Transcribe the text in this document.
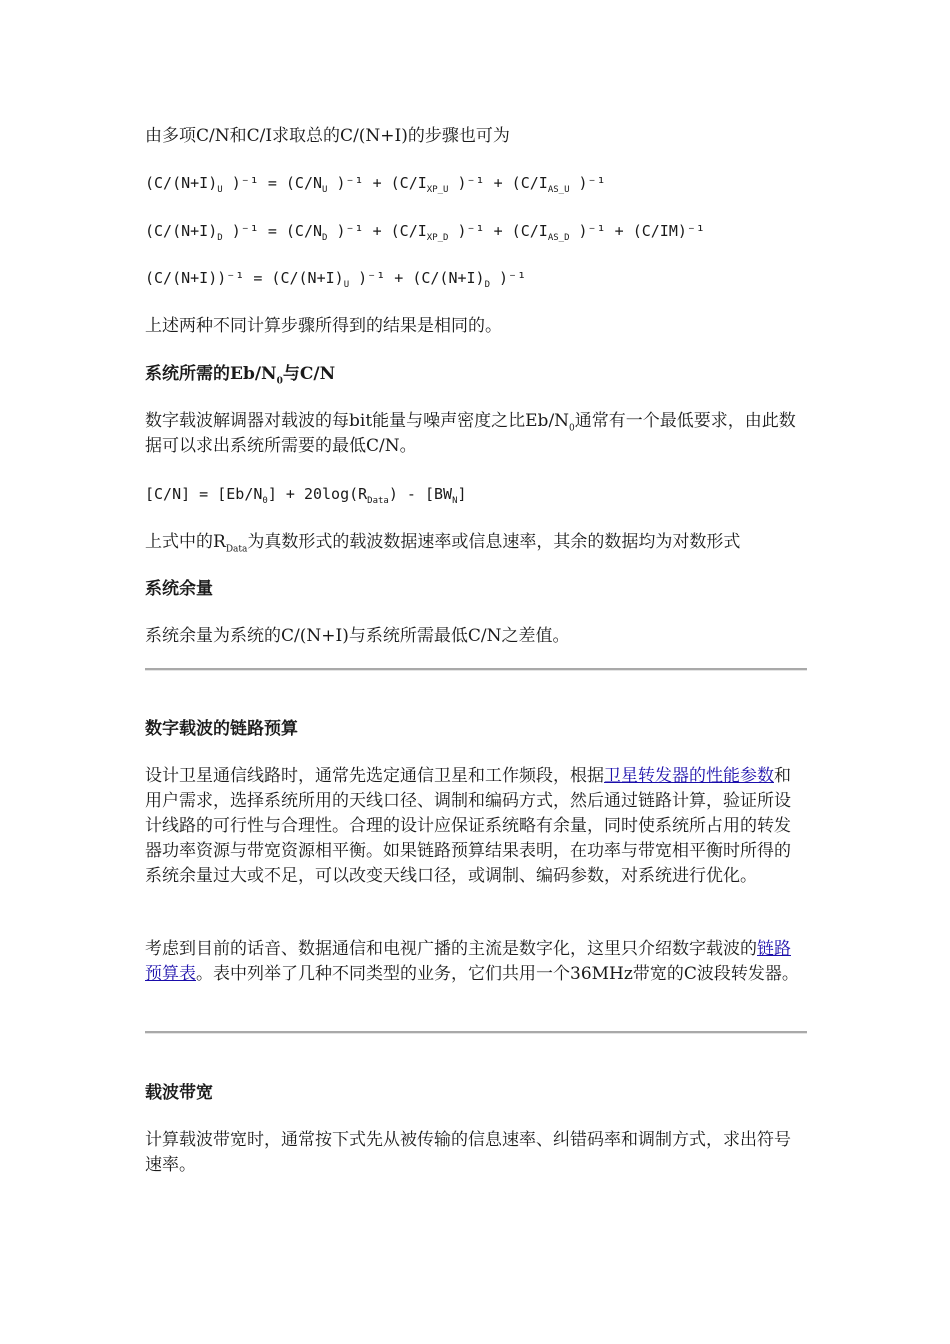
由多项C/N和C/I求取总的C/(N+I)的步骤也可为

($C/(N+I)_U$ )$^{-1} = (C/N_U$ )$^{-1} + (C/I_{XP\_U}$ )$^{-1} + (C/I_{AS\_U}$ )⁻¹

($C/(N+I)_D$ )$^{-1} = (C/N_D$ )$^{-1} + (C/I_{XP\_D}$ )$^{-1} + (C/I_{AS\_D}$ )⁻¹ + (C/IM)⁻¹

$(C/(N+I))^{-1} = (C/(N+I)_U$ )$^{-1} + (C/(N+I)_D$ )⁻¹

上述两种不同计算步骤所得到的结果是相同的。

系统所需的$Eb/N_0$与C/N

数字载波解调器对载波的每bit能量与噪声密度之比$Eb/N_0$通常有一个最低要求，由此数据可以求出系统所需要的最低C/N。

$[C/N] = [Eb/N_0] + 20\log(R_{Data}) - [BW_N]$

上式中的$R_{Data}$为真数形式的载波数据速率或信息速率，其余的数据均为对数形式

系统余量

系统余量为系统的C/(N+I)与系统所需最低C/N之差值。

数字载波的链路预算

设计卫星通信线路时，通常先选定通信卫星和工作频段，根据卫星转发器的性能参数和用户需求，选择系统所用的天线口径、调制和编码方式，然后通过链路计算，验证所设计线路的可行性与合理性。合理的设计应保证系统略有余量，同时使系统所占用的转发器功率资源与带宽资源相平衡。如果链路预算结果表明，在功率与带宽相平衡时所得的系统余量过大或不足，可以改变天线口径，或调制、编码参数，对系统进行优化。

考虑到目前的话音、数据通信和电视广播的主流是数字化，这里只介绍数字载波的链路预算表。表中列举了几种不同类型的业务，它们共用一个36MHz带宽的C波段转发器。

载波带宽

计算载波带宽时，通常按下式先从被传输的信息速率、纠错码率和调制方式，求出符号速率。
